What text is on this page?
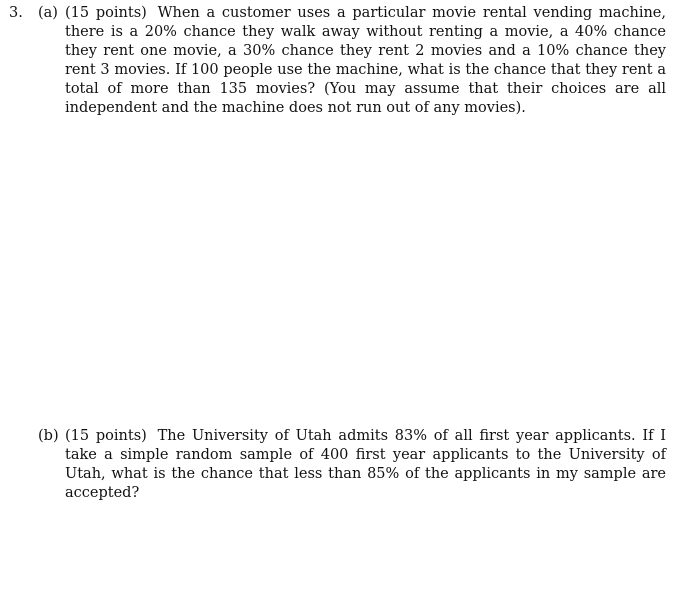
3. (a) (15 points) When a customer uses a particular movie rental vending machine, there is a 20% chance they walk away without renting a movie, a 40% chance they rent one movie, a 30% chance they rent 2 movies and a 10% chance they rent 3 movies. If 100 people use the machine, what is the chance that they rent a total of more than 135 movies? (You may assume that their choices are all independent and the machine does not run out of any movies).
(b) (15 points) The University of Utah admits 83% of all first year applicants. If I take a simple random sample of 400 first year applicants to the University of Utah, what is the chance that less than 85% of the applicants in my sample are accepted?
